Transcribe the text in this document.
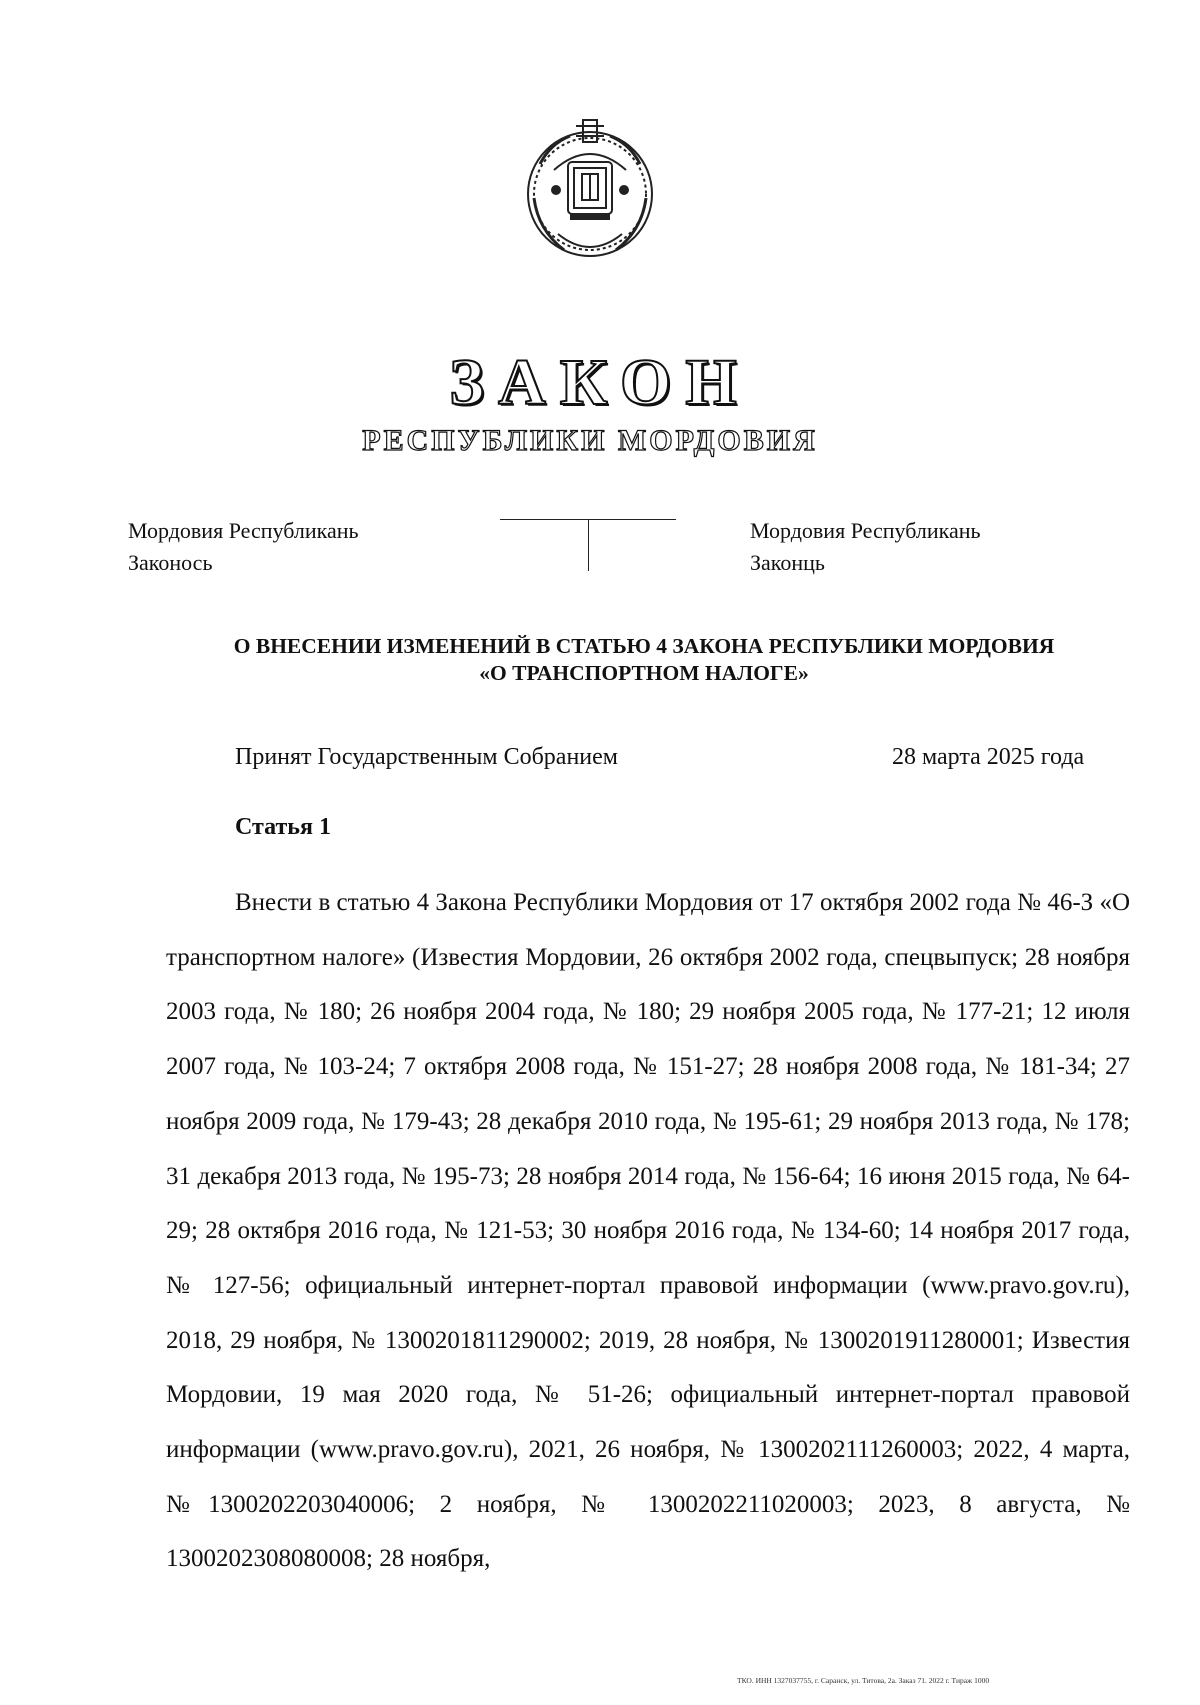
ЗАКОН
РЕСПУБЛИКИ МОРДОВИЯ
Мордовия Республикань
Законось
Мордовия Республикань
Законць
О ВНЕСЕНИИ ИЗМЕНЕНИЙ В СТАТЬЮ 4 ЗАКОНА РЕСПУБЛИКИ МОРДОВИЯ
«О ТРАНСПОРТНОМ НАЛОГЕ»
Принят Государственным Собранием	28 марта 2025 года
Статья 1

Внести в статью 4 Закона Республики Мордовия от 17 октября 2002 года № 46-З «О транспортном налоге» (Известия Мордовии, 26 октября 2002 года, спецвыпуск; 28 ноября 2003 года, № 180; 26 ноября 2004 года, № 180; 29 ноября 2005 года, № 177-21; 12 июля 2007 года, № 103-24; 7 октября 2008 года, № 151-27; 28 ноября 2008 года, № 181-34; 27 ноября 2009 года, № 179-43; 28 декабря 2010 года, № 195-61; 29 ноября 2013 года, № 178; 31 декабря 2013 года, № 195-73; 28 ноября 2014 года, № 156-64; 16 июня 2015 года, № 64-29; 28 октября 2016 года, № 121-53; 30 ноября 2016 года, № 134-60; 14 ноября 2017 года, № 127-56; официальный интернет-портал правовой информации (www.pravo.gov.ru), 2018, 29 ноября, № 1300201811290002; 2019, 28 ноября, № 1300201911280001; Известия Мордовии, 19 мая 2020 года, № 51-26; официальный интернет-портал правовой информации (www.pravo.gov.ru), 2021, 26 ноября, № 1300202111260003; 2022, 4 марта, №1300202203040006; 2 ноября, № 1300202211020003; 2023, 8 августа, № 1300202308080008; 28 ноября,

ТКО. ИНН 1327037755, г. Саранск, ул. Титова, 2а. Заказ 71. 2022 г. Тираж 1000
